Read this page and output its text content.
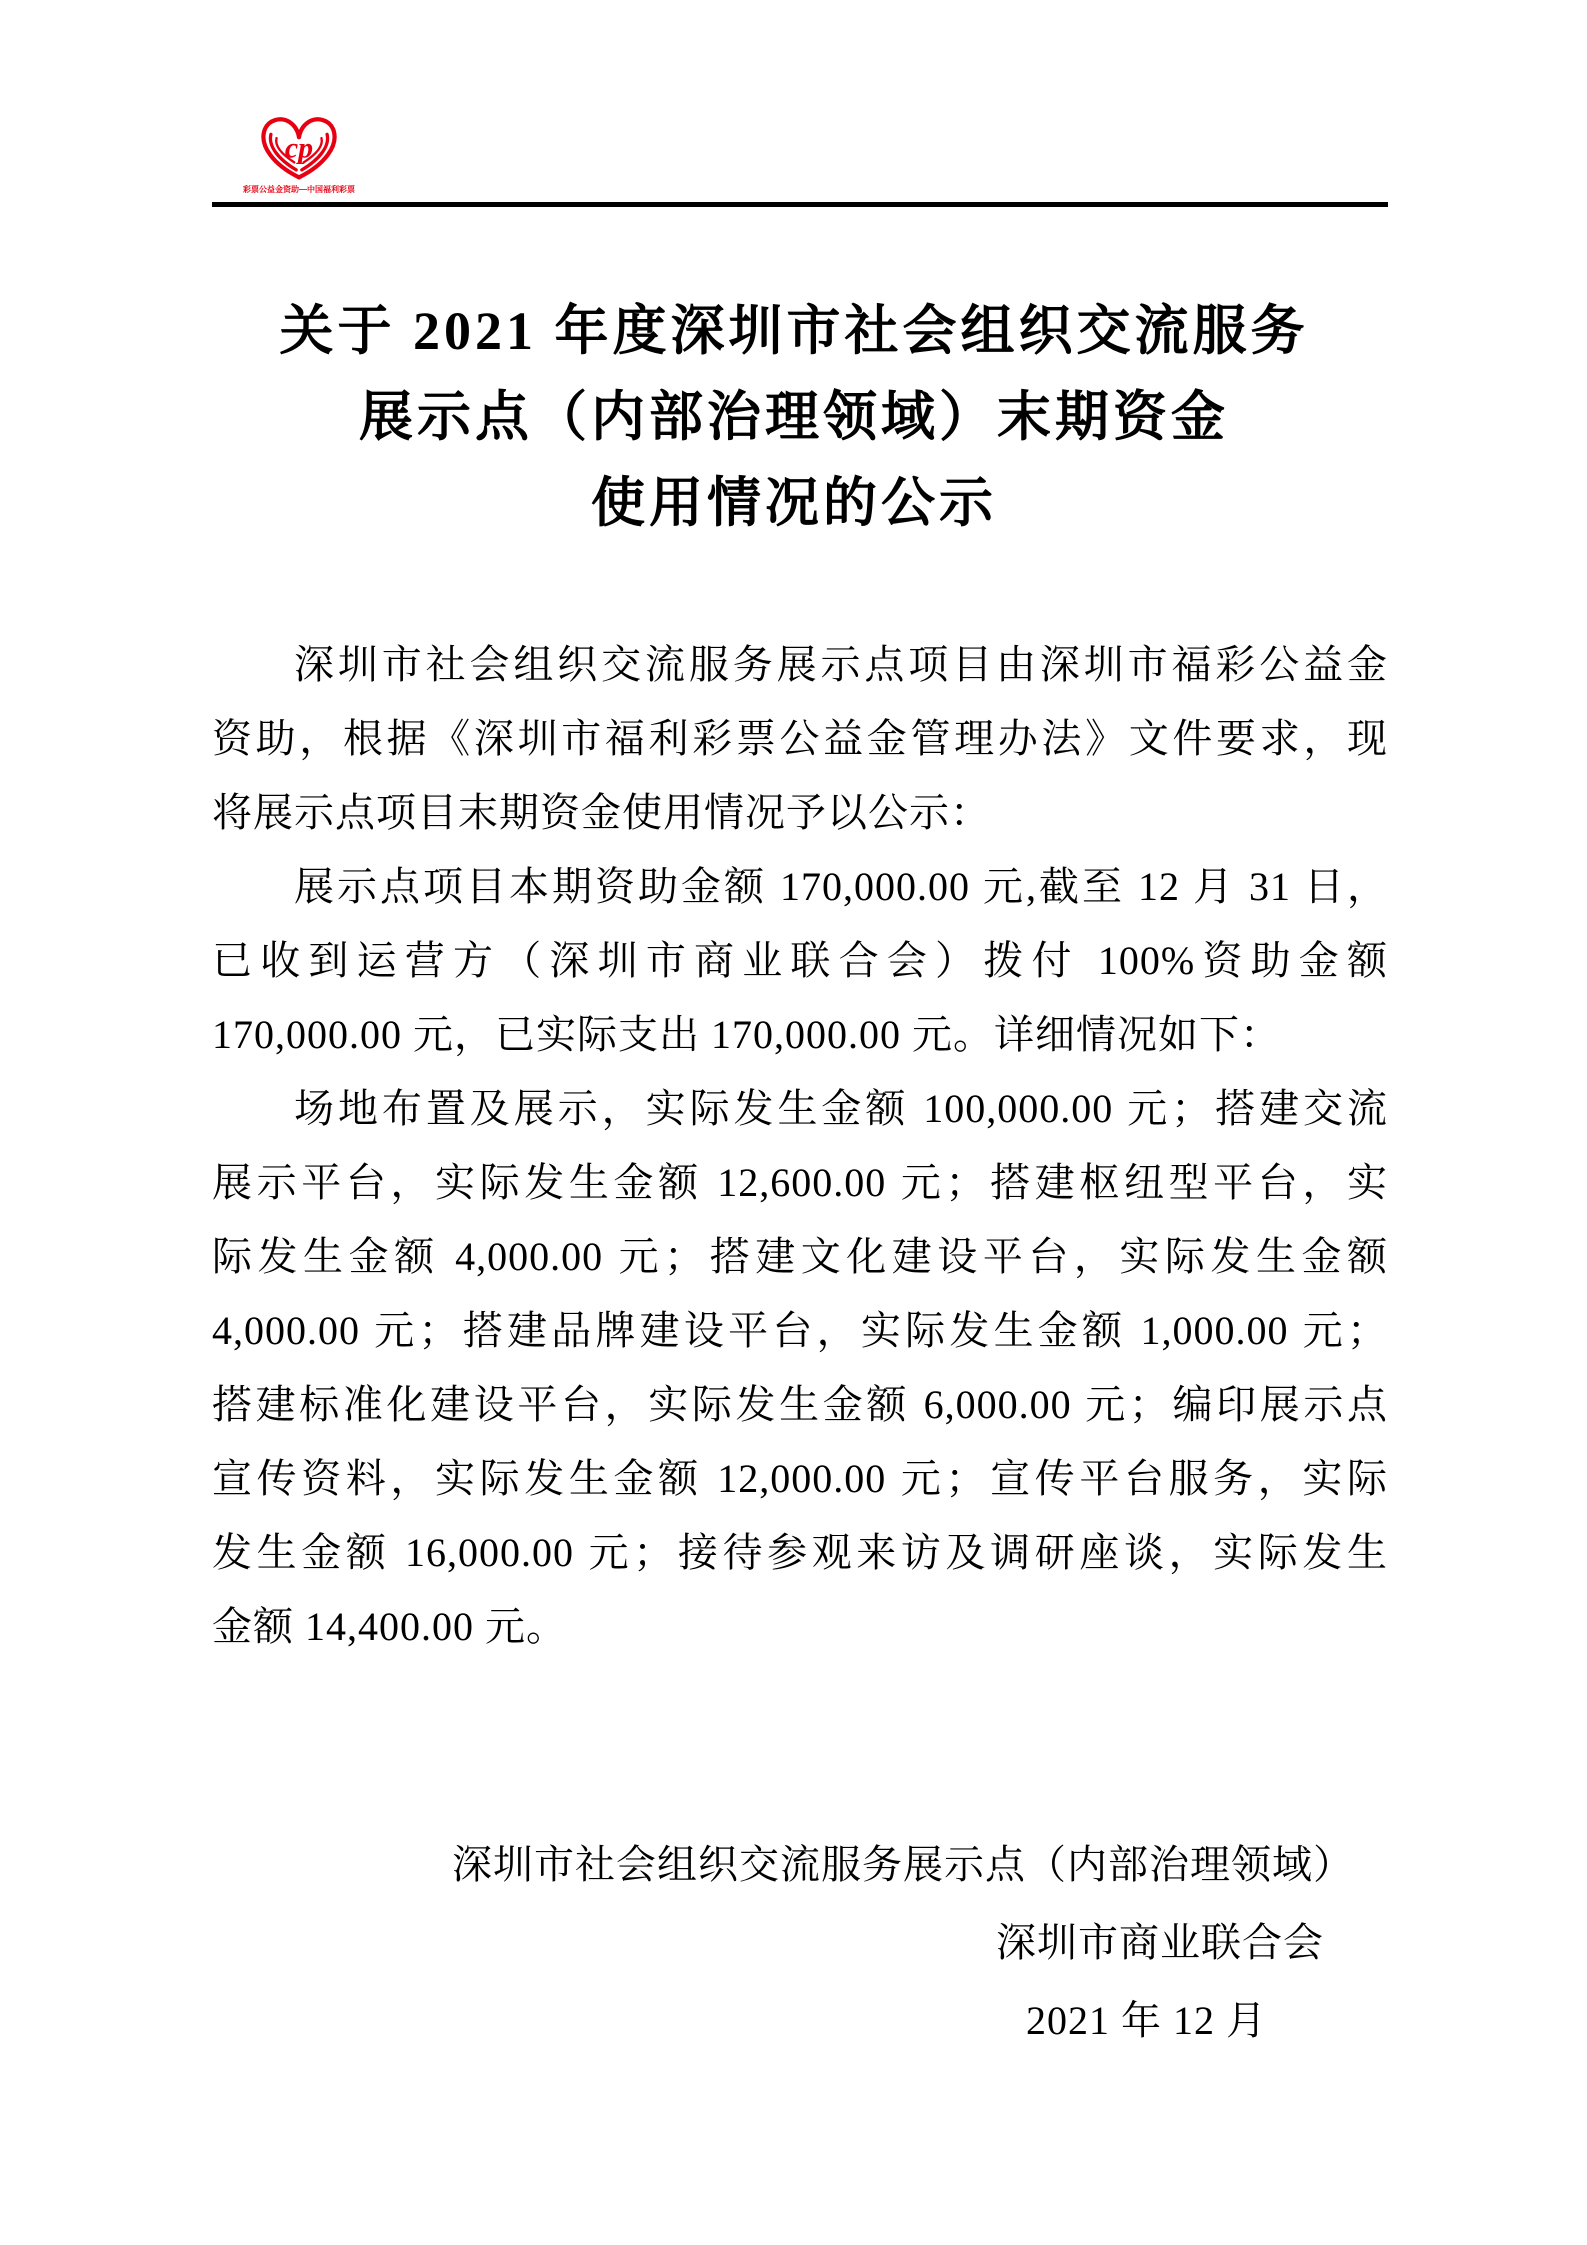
cp
彩票公益金资助—中国福利彩票
关于 2021 年度深圳市社会组织交流服务
展示点（内部治理领域）末期资金
使用情况的公示
深圳市社会组织交流服务展示点项目由深圳市福彩公益金
资助，根据《深圳市福利彩票公益金管理办法》文件要求，现
将展示点项目末期资金使用情况予以公示：
展示点项目本期资助金额 170,000.00 元,截至 12 月 31 日，
已收到运营方（深圳市商业联合会）拨付 100%资助金额
170,000.00 元，已实际支出 170,000.00 元。详细情况如下：
场地布置及展示，实际发生金额 100,000.00 元；搭建交流
展示平台，实际发生金额 12,600.00 元；搭建枢纽型平台，实
际发生金额 4,000.00 元；搭建文化建设平台，实际发生金额
4,000.00 元；搭建品牌建设平台，实际发生金额 1,000.00 元；
搭建标准化建设平台，实际发生金额 6,000.00 元；编印展示点
宣传资料，实际发生金额 12,000.00 元；宣传平台服务，实际
发生金额 16,000.00 元；接待参观来访及调研座谈，实际发生
金额 14,400.00 元。
深圳市社会组织交流服务展示点（内部治理领域）
深圳市商业联合会
2021 年 12 月
